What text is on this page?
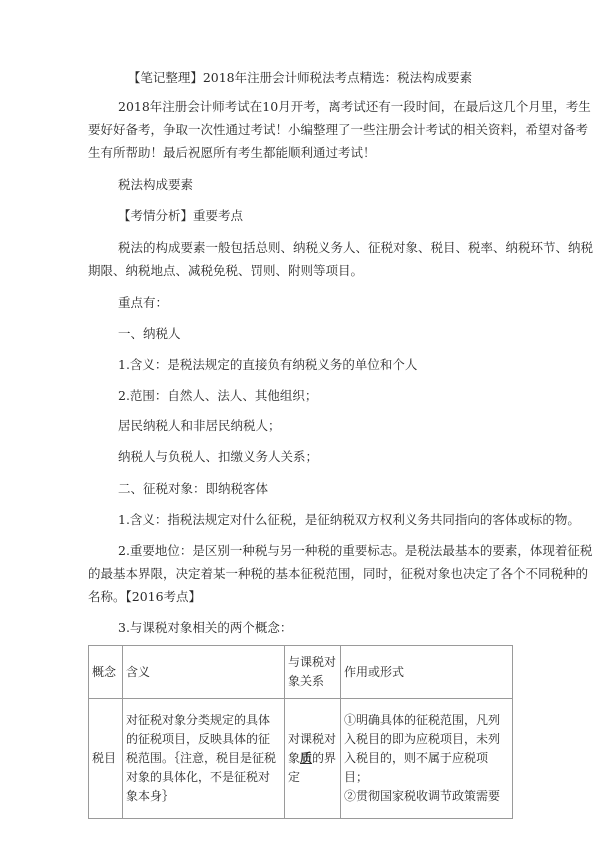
【笔记整理】2018年注册会计师税法考点精选：税法构成要素
2018年注册会计师考试在10月开考，离考试还有一段时间，在最后这几个月里，考生
要好好备考，争取一次性通过考试！小编整理了一些注册会计考试的相关资料，希望对备考
生有所帮助！最后祝愿所有考生都能顺利通过考试！
税法构成要素
【考情分析】重要考点
税法的构成要素一般包括总则、纳税义务人、征税对象、税目、税率、纳税环节、纳税
期限、纳税地点、减税免税、罚则、附则等项目。
重点有：
一、纳税人
1.含义：是税法规定的直接负有纳税义务的单位和个人
2.范围：自然人、法人、其他组织；
居民纳税人和非居民纳税人；
纳税人与负税人、扣缴义务人关系；
二、征税对象：即纳税客体
1.含义：指税法规定对什么征税，是征纳税双方权利义务共同指向的客体或标的物。
2.重要地位：是区别一种税与另一种税的重要标志。是税法最基本的要素，体现着征税
的最基本界限，决定着某一种税的基本征税范围，同时，征税对象也决定了各个不同税种的
名称。【2016考点】
3.与课税对象相关的两个概念：
概念	含义	与课税对象关系	作用或形式
税目	对征税对象分类规定的具体的征税项目，反映具体的征税范围。｛注意，税目是征税对象的具体化，不是征税对象本身｝	对课税对象质的界定	①明确具体的征税范围，凡列入税目的即为应税项目，未列入税目的，则不属于应税项目；
②贯彻国家税收调节政策需要
